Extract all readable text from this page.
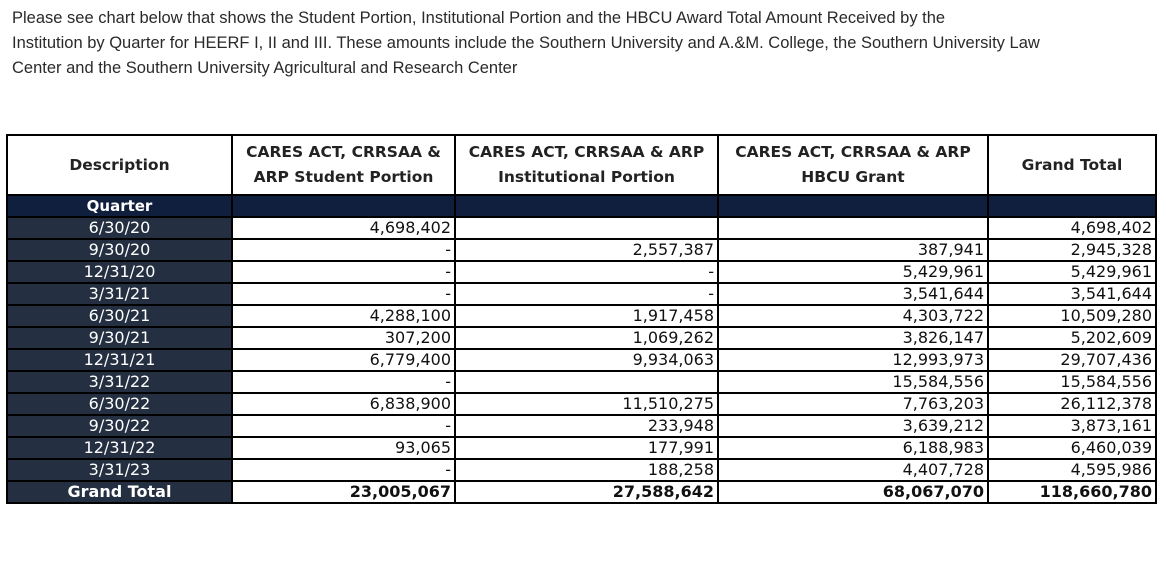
Please see chart below that shows the Student Portion, Institutional Portion and the HBCU Award Total Amount Received by the
Institution by Quarter for HEERF I, II and III. These amounts include the Southern University and A.&M. College, the Southern University Law
Center and the Southern University Agricultural and Research Center

Description	CARES ACT, CRRSAA & ARP Student Portion	CARES ACT, CRRSAA & ARP Institutional Portion	CARES ACT, CRRSAA & ARP HBCU Grant	Grand Total
Quarter				
6/30/20	4,698,402			4,698,402
9/30/20	-	2,557,387	387,941	2,945,328
12/31/20	-	-	5,429,961	5,429,961
3/31/21	-	-	3,541,644	3,541,644
6/30/21	4,288,100	1,917,458	4,303,722	10,509,280
9/30/21	307,200	1,069,262	3,826,147	5,202,609
12/31/21	6,779,400	9,934,063	12,993,973	29,707,436
3/31/22	-		15,584,556	15,584,556
6/30/22	6,838,900	11,510,275	7,763,203	26,112,378
9/30/22	-	233,948	3,639,212	3,873,161
12/31/22	93,065	177,991	6,188,983	6,460,039
3/31/23	-	188,258	4,407,728	4,595,986
Grand Total	23,005,067	27,588,642	68,067,070	118,660,780
